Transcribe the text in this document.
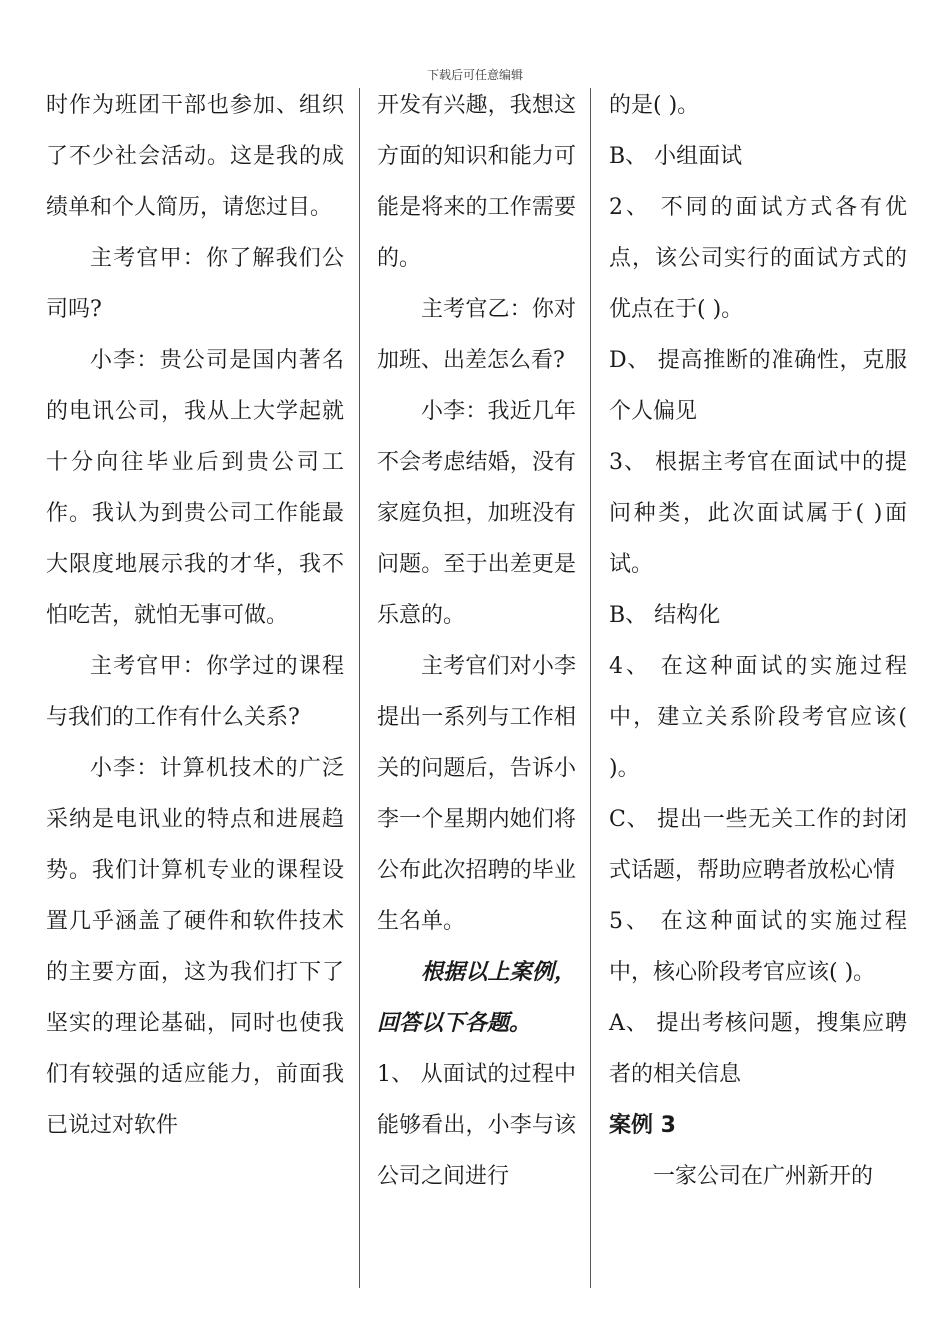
下载后可任意编辑

时作为班团干部也参加、组织了不少社会活动。这是我的成绩单和个人简历，请您过目。

主考官甲：你了解我们公司吗?

小李：贵公司是国内著名的电讯公司，我从上大学起就十分向往毕业后到贵公司工作。我认为到贵公司工作能最大限度地展示我的才华，我不怕吃苦，就怕无事可做。

主考官甲：你学过的课程与我们的工作有什么关系?

小李：计算机技术的广泛采纳是电讯业的特点和进展趋势。我们计算机专业的课程设置几乎涵盖了硬件和软件技术的主要方面，这为我们打下了坚实的理论基础，同时也使我们有较强的适应能力，前面我已说过对软件

开发有兴趣，我想这方面的知识和能力可能是将来的工作需要的。

主考官乙：你对加班、出差怎么看?

小李：我近几年不会考虑结婚，没有家庭负担，加班没有问题。至于出差更是乐意的。

主考官们对小李提出一系列与工作相关的问题后，告诉小李一个星期内她们将公布此次招聘的毕业生名单。

根据以上案例，回答以下各题。

1、 从面试的过程中能够看出，小李与该公司之间进行

的是( )。

B、 小组面试

2、 不同的面试方式各有优点，该公司实行的面试方式的优点在于( )。

D、 提高推断的准确性，克服个人偏见

3、 根据主考官在面试中的提问种类，此次面试属于( )面试。

B、 结构化

4、 在这种面试的实施过程中，建立关系阶段考官应该( )。

C、 提出一些无关工作的封闭式话题，帮助应聘者放松心情

5、 在这种面试的实施过程中，核心阶段考官应该( )。

A、 提出考核问题，搜集应聘者的相关信息

案例 3

一家公司在广州新开的
